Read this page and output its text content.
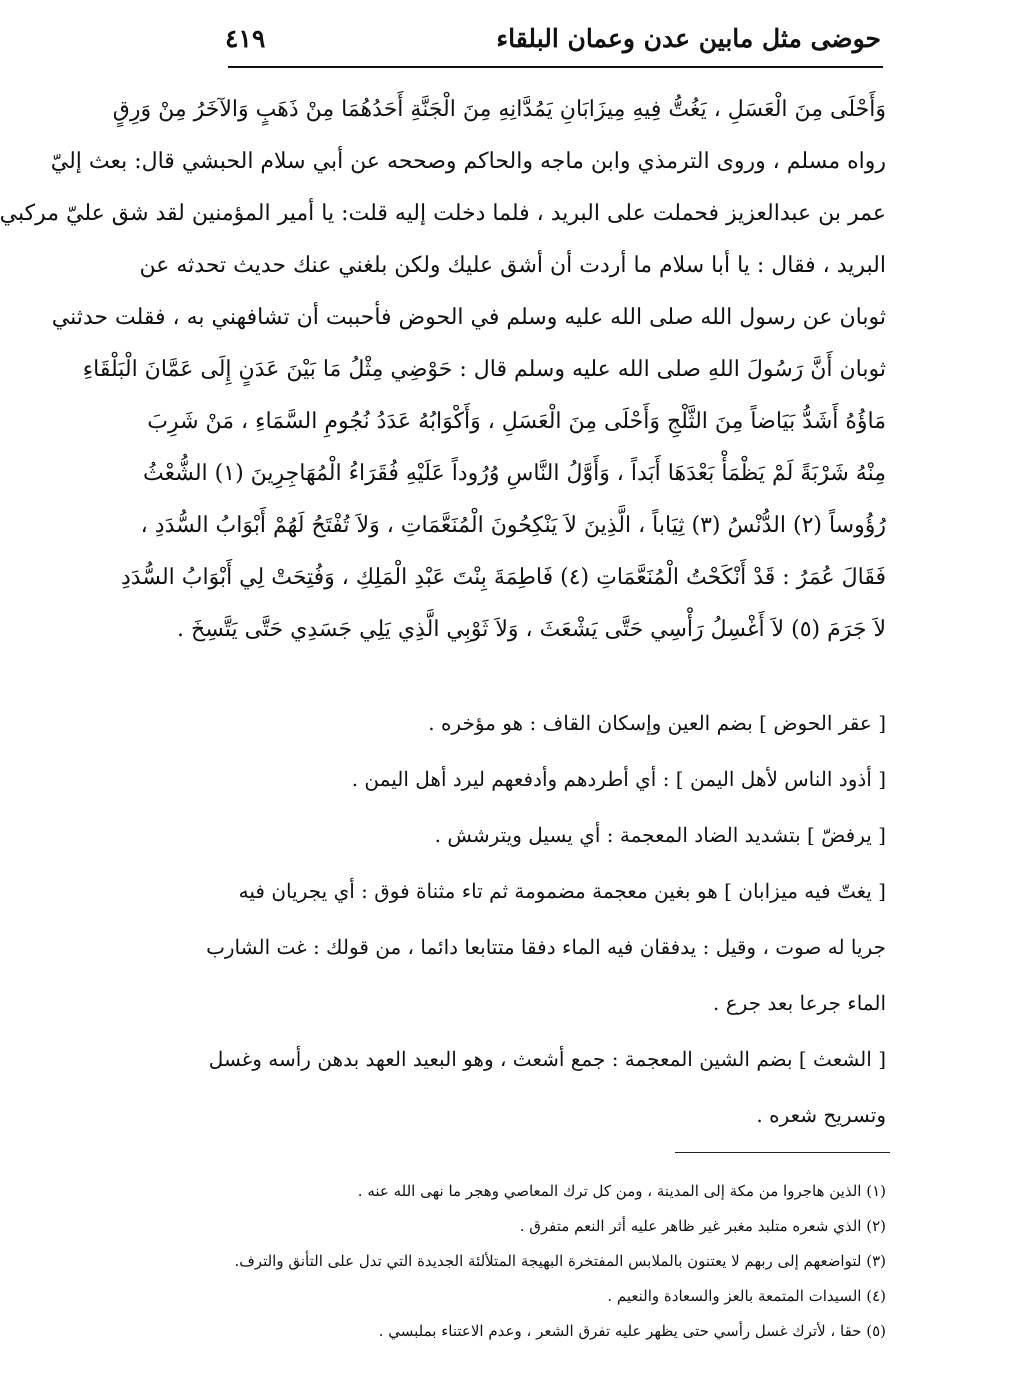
حوضى مثل مابين عدن وعمان البلقاء
٤١٩
وَأَحْلَى مِنَ الْعَسَلِ ، يَغُتُّ فِيهِ مِيزَابَانِ يَمُدَّانِهِ مِنَ الْجَنَّةِ أَحَدُهُمَا مِنْ ذَهَبٍ وَالآخَرُ مِنْ وَرِقٍ
رواه مسلم ، وروى الترمذي وابن ماجه والحاكم وصححه عن أبي سلام الحبشي قال: بعث إليّ
عمر بن عبدالعزيز فحملت على البريد ، فلما دخلت إليه قلت: يا أمير المؤمنين لقد شق عليّ مركبي
البريد ، فقال : يا أبا سلام ما أردت أن أشق عليك ولكن بلغني عنك حديث تحدثه عن
ثوبان عن رسول الله صلى الله عليه وسلم في الحوض فأحببت أن تشافهني به ، فقلت حدثني
ثوبان أَنَّ رَسُولَ اللهِ صلى الله عليه وسلم قال : حَوْضِي مِثْلُ مَا بَيْنَ عَدَنٍ إِلَى عَمَّانَ الْبَلْقَاءِ
مَاؤُهُ أَشَدُّ بَيَاضاً مِنَ الثَّلْجِ وَأَحْلَى مِنَ الْعَسَلِ ، وَأَكْوَابُهُ عَدَدُ نُجُومِ السَّمَاءِ ، مَنْ شَرِبَ
مِنْهُ شَرْبَةً لَمْ يَظْمَأْ بَعْدَهَا أَبَداً ، وَأَوَّلُ النَّاسِ وُرُوداً عَلَيْهِ فُقَرَاءُ الْمُهَاجِرِينَ (١) الشُّعْثُ
رُؤُوساً (٢) الدُّنْسُ (٣) ثِيَاباً ، الَّذِينَ لاَ يَنْكِحُونَ الْمُنَعَّمَاتِ ، وَلاَ تُفْتَحُ لَهُمْ أَبْوَابُ السُّدَدِ ،
فَقَالَ عُمَرُ : قَدْ أَنْكَحْتُ الْمُنَعَّمَاتِ (٤) فَاطِمَةَ بِنْتَ عَبْدِ الْمَلِكِ ، وَفُتِحَتْ لِي أَبْوَابُ السُّدَدِ
لاَ جَرَمَ (٥) لاَ أَغْسِلُ رَأْسِي حَتَّى يَشْعَثَ ، وَلاَ ثَوْبِي الَّذِي يَلِي جَسَدِي حَتَّى يَتَّسِخَ .
[ عقر الحوض ] بضم العين وإسكان القاف : هو مؤخره .
[ أذود الناس لأهل اليمن ] : أي أطردهم وأدفعهم ليرد أهل اليمن .
[ يرفضّ ] بتشديد الضاد المعجمة : أي يسيل ويترشش .
[ يغتّ فيه ميزابان ] هو بغين معجمة مضمومة ثم تاء مثناة فوق : أي يجريان فيه
جريا له صوت ، وقيل : يدفقان فيه الماء دفقا متتابعا دائما ، من قولك : غت الشارب
الماء جرعا بعد جرع .
[ الشعث ] بضم الشين المعجمة : جمع أشعث ، وهو البعيد العهد بدهن رأسه وغسل
وتسريح شعره .
(١) الذين هاجروا من مكة إلى المدينة ، ومن كل ترك المعاصي وهجر ما نهى الله عنه .
(٢) الذي شعره متلبد مغبر غير ظاهر عليه أثر النعم متفرق .
(٣) لتواضعهم إلى ربهم لا يعتنون بالملابس المفتخرة البهيجة المتلألئة الجديدة التي تدل على التأنق والترف.
(٤) السيدات المتمعة بالعز والسعادة والنعيم .
(٥) حقا ، لأترك غسل رأسي حتى يظهر عليه تفرق الشعر ، وعدم الاعتناء بملبسي .
